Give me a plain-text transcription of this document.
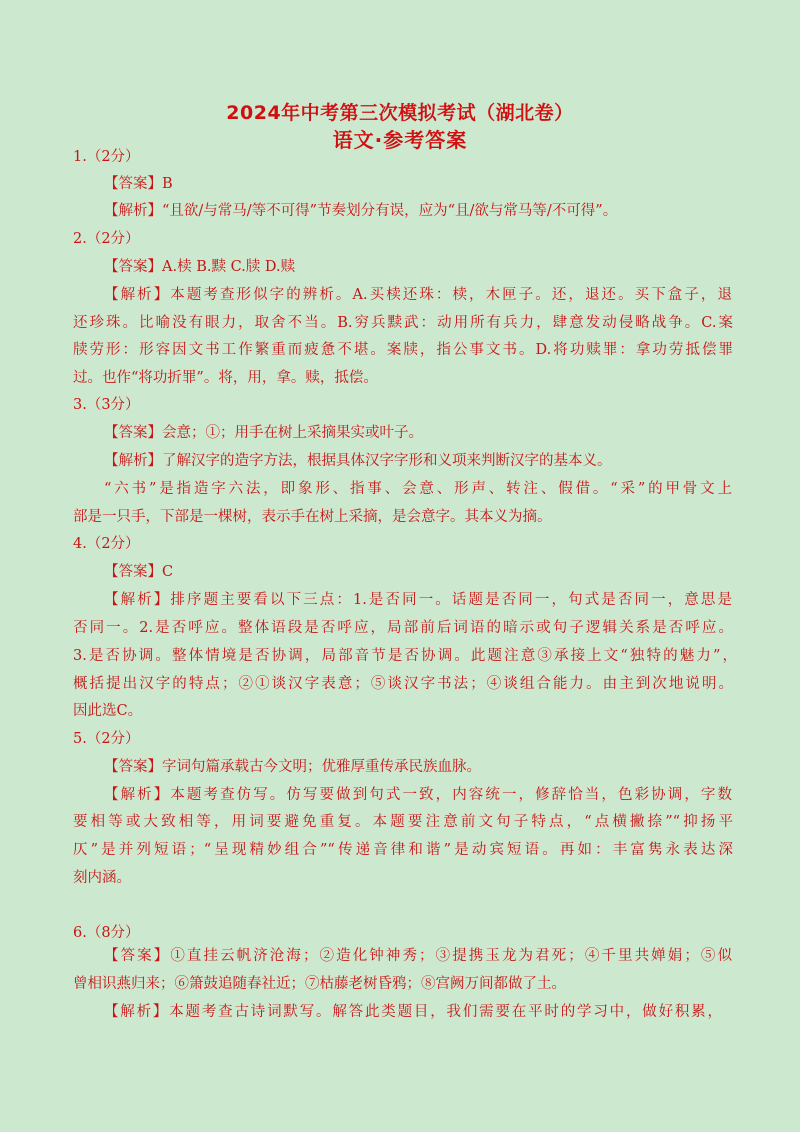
2024年中考第三次模拟考试（湖北卷）
语文·参考答案
1.（2分）
【答案】B
【解析】“且欲/与常马/等不可得”节奏划分有误，应为“且/欲与常马等/不可得”。
2.（2分）
【答案】A.椟 B.黩 C.牍 D.赎
【解析】本题考查形似字的辨析。A.买椟还珠：椟，木匣子。还，退还。买下盒子，退
还珍珠。比喻没有眼力，取舍不当。B.穷兵黩武：动用所有兵力，肆意发动侵略战争。C.案
牍劳形：形容因文书工作繁重而疲惫不堪。案牍，指公事文书。D.将功赎罪：拿功劳抵偿罪
过。也作“将功折罪”。将，用，拿。赎，抵偿。
3.（3分）
【答案】会意；①；用手在树上采摘果实或叶子。
【解析】了解汉字的造字方法，根据具体汉字字形和义项来判断汉字的基本义。
“六书”是指造字六法，即象形、指事、会意、形声、转注、假借。“采”的甲骨文上
部是一只手，下部是一棵树，表示手在树上采摘，是会意字。其本义为摘。
4.（2分）
【答案】C
【解析】排序题主要看以下三点：1.是否同一。话题是否同一，句式是否同一，意思是
否同一。2.是否呼应。整体语段是否呼应，局部前后词语的暗示或句子逻辑关系是否呼应。
3.是否协调。整体情境是否协调，局部音节是否协调。此题注意③承接上文“独特的魅力”，
概括提出汉字的特点；②①谈汉字表意；⑤谈汉字书法；④谈组合能力。由主到次地说明。
因此选C。
5.（2分）
【答案】字词句篇承载古今文明；优雅厚重传承民族血脉。
【解析】本题考查仿写。仿写要做到句式一致，内容统一，修辞恰当，色彩协调，字数
要相等或大致相等，用词要避免重复。本题要注意前文句子特点，“点横撇捺”“抑扬平
仄”是并列短语；“呈现精妙组合”“传递音律和谐”是动宾短语。再如：丰富隽永表达深
刻内涵。
6.（8分）
【答案】①直挂云帆济沧海；②造化钟神秀；③提携玉龙为君死；④千里共婵娟；⑤似
曾相识燕归来；⑥箫鼓追随春社近；⑦枯藤老树昏鸦；⑧宫阙万间都做了土。
【解析】本题考查古诗词默写。解答此类题目，我们需要在平时的学习中，做好积累，
